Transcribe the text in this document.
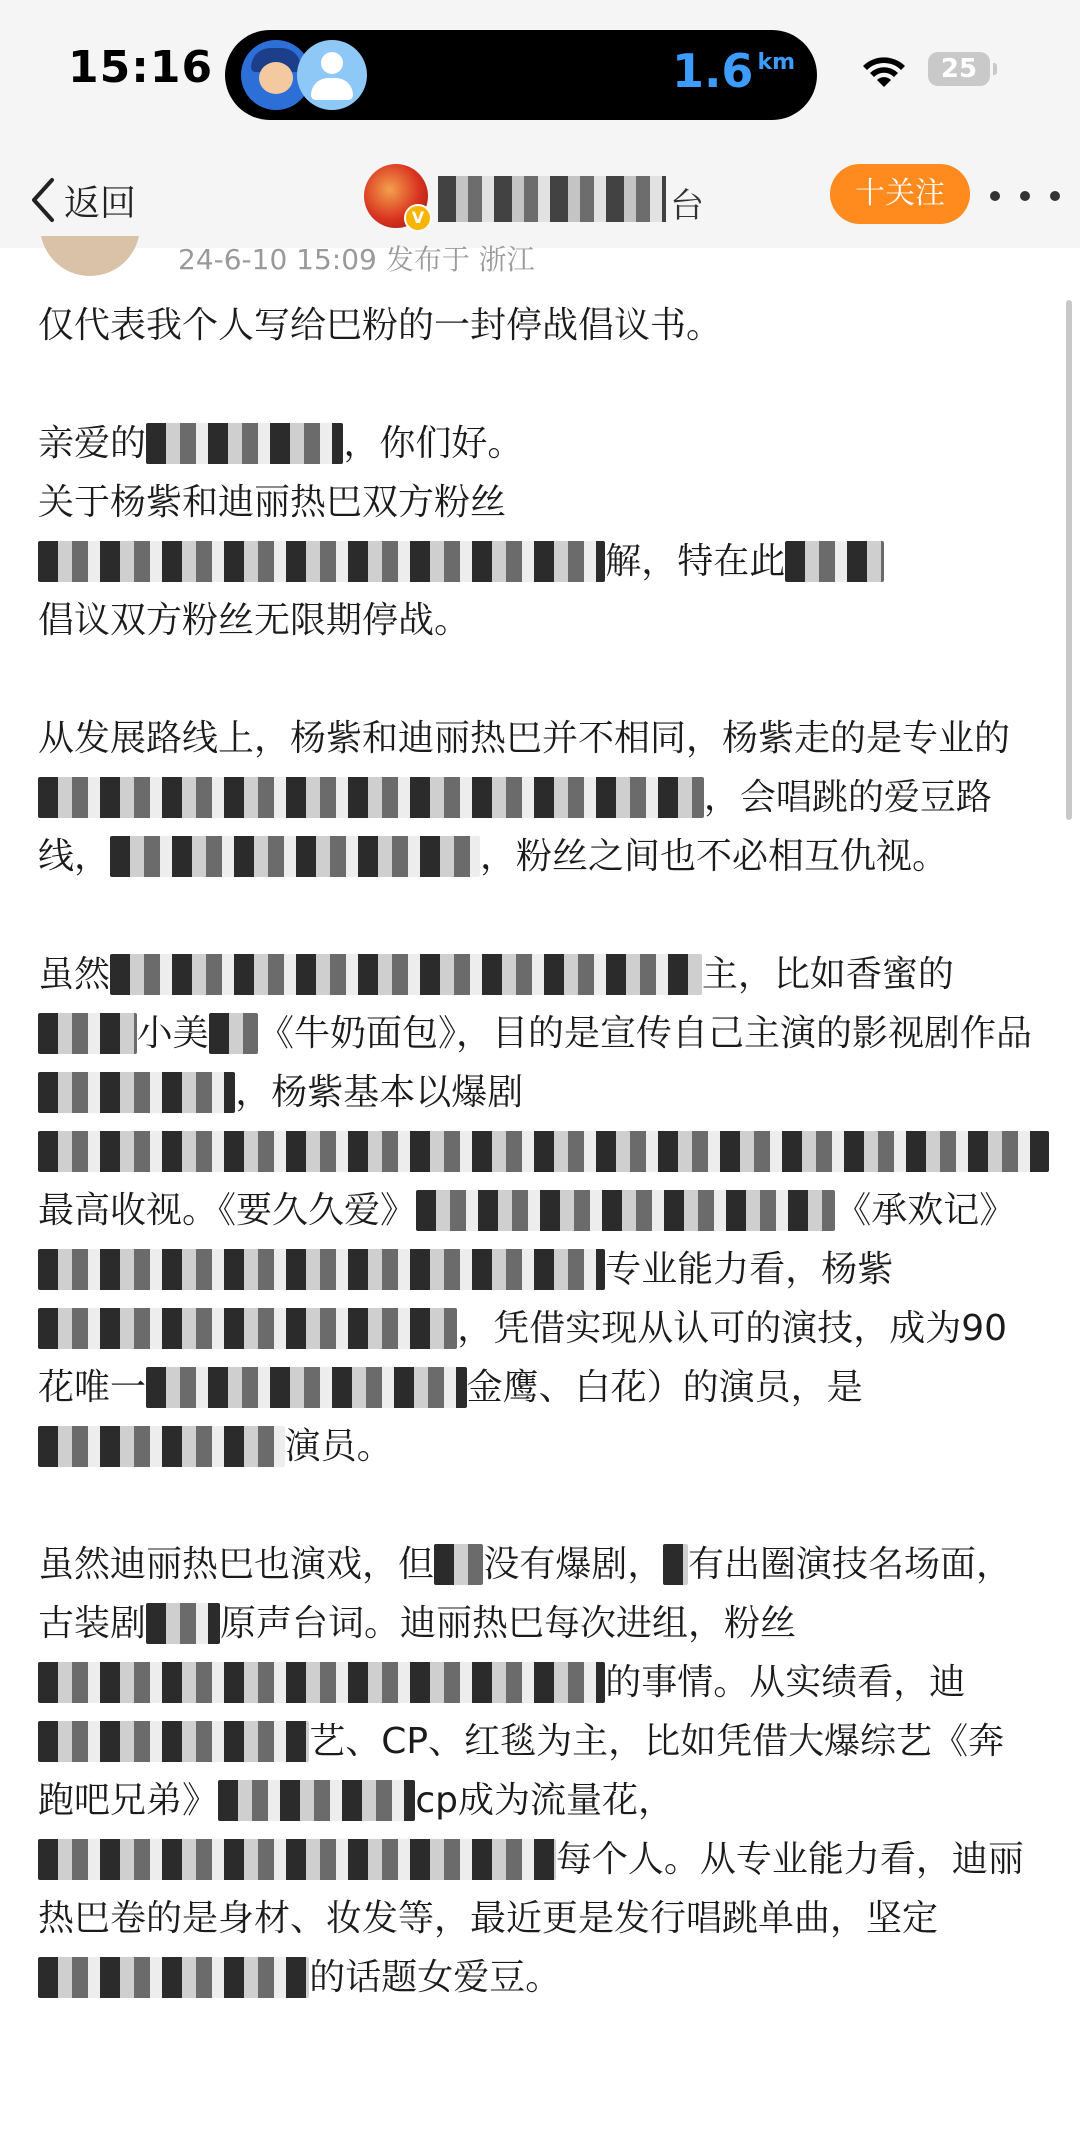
15:16	1.6 km	25
返回	V	台	十关注
24-6-10 15:09 发布于 浙江

仅代表我个人写给巴粉的一封停战倡议书。

亲爱的	，你们好。
关于杨紫和迪丽热巴双方粉丝解，特在此
倡议双方粉丝无限期停战。

从发展路线上，杨紫和迪丽热巴并不相同，杨紫走的是专业的，会唱跳的爱豆路线，	，粉丝之间也不必相互仇视。

虽然	主，比如香蜜的小美 《牛奶面包》，目的是宣传自己主演的影视剧作品，杨紫基本以爆剧最高收视。《要久久爱》	《承欢记》专业能力看，杨紫，凭借实现从认可的演技，成为90花唯一	金鹰、白花）的演员，是演员。

虽然迪丽热巴也演戏，但 没有爆剧， 有出圈演技名场面，古装剧 原声台词。迪丽热巴每次进组，粉丝的事情。从实绩看，迪艺、CP、红毯为主，比如凭借大爆综艺《奔跑吧兄弟》	cp成为流量花，每个人。从专业能力看，迪丽热巴卷的是身材、妆发等，最近更是发行唱跳单曲，坚定的话题女爱豆。
